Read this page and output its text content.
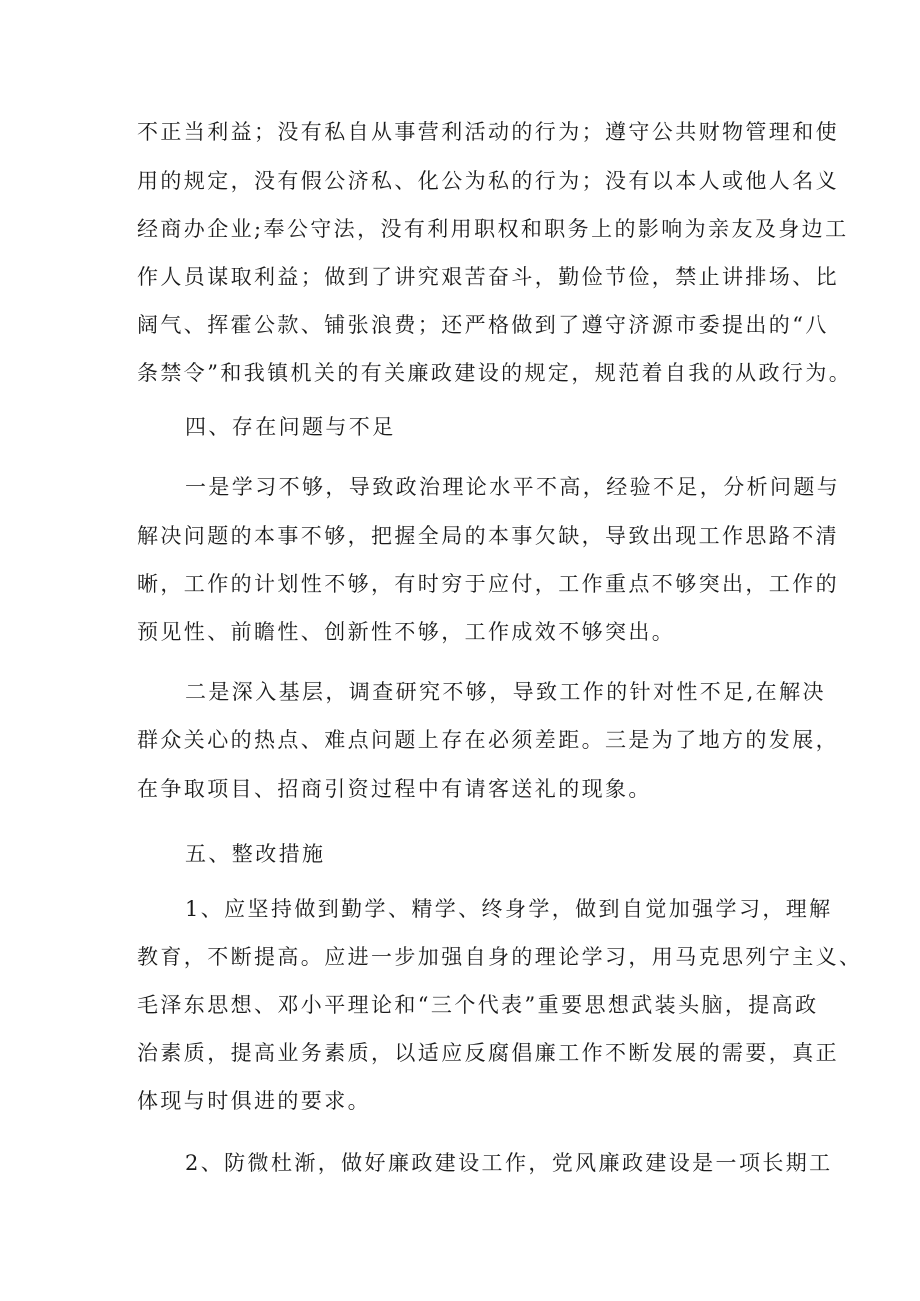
不正当利益；没有私自从事营利活动的行为；遵守公共财物管理和使
用的规定，没有假公济私、化公为私的行为；没有以本人或他人名义
经商办企业;奉公守法，没有利用职权和职务上的影响为亲友及身边工
作人员谋取利益；做到了讲究艰苦奋斗，勤俭节俭，禁止讲排场、比
阔气、挥霍公款、铺张浪费；还严格做到了遵守济源市委提出的“八
条禁令”和我镇机关的有关廉政建设的规定，规范着自我的从政行为。
四、存在问题与不足
一是学习不够，导致政治理论水平不高，经验不足，分析问题与
解决问题的本事不够，把握全局的本事欠缺，导致出现工作思路不清
晰，工作的计划性不够，有时穷于应付，工作重点不够突出，工作的
预见性、前瞻性、创新性不够，工作成效不够突出。
二是深入基层，调查研究不够，导致工作的针对性不足,在解决
群众关心的热点、难点问题上存在必须差距。三是为了地方的发展，
在争取项目、招商引资过程中有请客送礼的现象。
五、整改措施
1、应坚持做到勤学、精学、终身学，做到自觉加强学习，理解
教育，不断提高。应进一步加强自身的理论学习，用马克思列宁主义、
毛泽东思想、邓小平理论和“三个代表”重要思想武装头脑，提高政
治素质，提高业务素质，以适应反腐倡廉工作不断发展的需要，真正
体现与时俱进的要求。
2、防微杜渐，做好廉政建设工作，党风廉政建设是一项长期工
